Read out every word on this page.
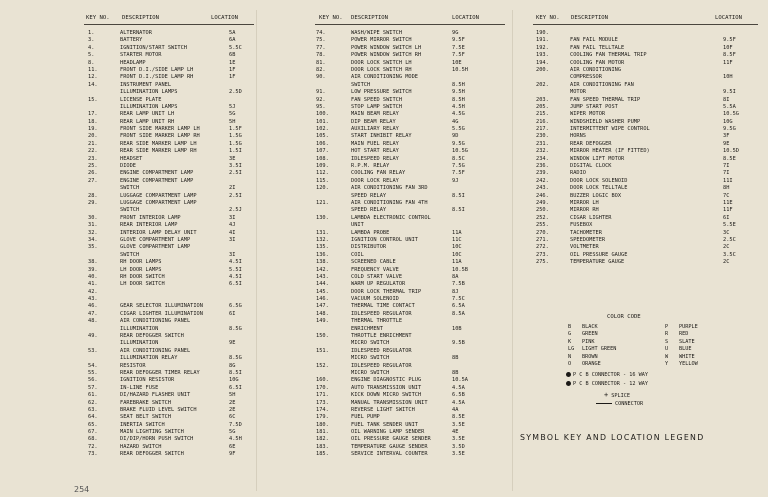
KEY NO. DESCRIPTION	LOCATION	KEY NO. DESCRIPTION	LOCATION	KEY NO. DESCRIPTION	LOCATION
1.	ALTERNATOR	5A
3.	BATTERY	6A
4.	IGNITION/START SWITCH	5.5C
5.	STARTER MOTOR	6B
8.	HEADLAMP	1E
11.	FRONT D.I./SIDE LAMP LH	1F
12.	FRONT D.I./SIDE LAMP RH	1F
14.	INSTRUMENT PANEL
ILLUMINATION LAMPS	2.5D
15.	LICENSE PLATE
ILLUMINATION LAMPS	5J
17.	REAR LAMP UNIT LH	5G
18.	REAR LAMP UNIT RH	5H
19.	FRONT SIDE MARKER LAMP LH	1.5F
20.	FRONT SIDE MARKER LAMP RH	1.5G
21.	REAR SIDE MARKER LAMP LH	1.5G
22.	REAR SIDE MARKER LAMP RH	1.5I
23.	HEADSET	3E
25.	DIODE	3.5I
26.	ENGINE COMPARTMENT LAMP	2.5I
27.	ENGINE COMPARTMENT LAMP
SWITCH	2I
28.	LUGGAGE COMPARTMENT LAMP	2.5I
29.	LUGGAGE COMPARTMENT LAMP
SWITCH	2.5J
30.	FRONT INTERIOR LAMP	3I
31.	REAR INTERIOR LAMP	4J
32.	INTERIOR LAMP DELAY UNIT	4I
34.	GLOVE COMPARTMENT LAMP	3I
35.	GLOVE COMPARTMENT LAMP
SWITCH	3I
38.	RH DOOR LAMPS	4.5I
39.	LH DOOR LAMPS	5.5I
40.	RH DOOR SWITCH	4.5I
41.	LH DOOR SWITCH	6.5I
42.
43.
46.	GEAR SELECTOR ILLUMINATION	6.5G
47.	CIGAR LIGHTER ILLUMINATION	6I
48.	AIR CONDITIONING PANEL
ILLUMINATION	8.5G
49.	REAR DEFOGGER SWITCH
ILLUMINATION	9E
53.	AIR CONDITIONING PANEL
ILLUMINATION RELAY	8.5G
54.	RESISTOR	8G
55.	REAR DEFOGGER TIMER RELAY	8.5I
56.	IGNITION RESISTOR	10G
57.	IN-LINE FUSE	6.5I
61.	DI/HAZARD FLASHER UNIT	5H
62.	FAREBRAKE SWITCH	2E
63.	BRAKE FLUID LEVEL SWITCH	2E
64.	SEAT BELT SWITCH	6C
65.	INERTIA SWITCH	7.5D
67.	MAIN LIGHTING SWITCH	5G
68.	DI/DIP/HORN PUSH SWITCH	4.5H
72.	HAZARD SWITCH	6E
73.	REAR DEFOGGER SWITCH	9F
74.	WASH/WIPE SWITCH	9G
75.	POWER MIRROR SWITCH	9.5F
77.	POWER WINDOW SWITCH LH	7.5E
78.	POWER WINDOW SWITCH RH	7.5F
81.	DOOR LOCK SWITCH LH	10E
82.	DOOR LOCK SWITCH RH	10.5H
90.	AIR CONDITIONING MODE
SWITCH	8.5H
91.	LOW PRESSURE SWITCH	9.5H
92.	FAN SPEED SWITCH	8.5H
95.	STOP LAMP SWITCH	4.5H
100.	MAIN BEAM RELAY	4.5G
101.	DIP BEAM RELAY	4G
102.	AUXILIARY RELAY	5.5G
105.	START INHIBIT RELAY	9D
106.	MAIN FUEL RELAY	9.5G
107.	HOT START RELAY	10.5G
108.	IDLESPEED RELAY	8.5C
109.	R.P.M. RELAY	7.5G
112.	COOLING FAN RELAY	7.5F
115.	DOOR LOCK RELAY	9J
120.	AIR CONDITIONING FAN 3RD
SPEED RELAY	8.5I
121.	AIR CONDITIONING FAN 4TH
SPEED RELAY	8.5I
130.	LAMBDA ELECTRONIC CONTROL
UNIT
131.	LAMBDA PROBE	11A
132.	IGNITION CONTROL UNIT	11C
135.	DISTRIBUTOR	10C
136.	COIL	10C
138.	SCREENED CABLE	11A
142.	FREQUENCY VALVE	10.5B
143.	COLD START VALVE	8A
144.	WARM UP REGULATOR	7.5B
145.	DOOR LOCK THERMAL TRIP	8J
146.	VACUUM SOLENOID	7.5C
147.	THERMAL TIME CONTACT	6.5A
148.	IDLESPEED REGULATOR	8.5A
149.	THERMAL THROTTLE
ENRICHMENT	10B
150.	THROTTLE ENRICHMENT
MICRO SWITCH	9.5B
151.	IDLESPEED REGULATOR
MICRO SWITCH	8B
152.	IDLESPEED REGULATOR
MICRO SWITCH	8B
160.	ENGINE DIAGNOSTIC PLUG	10.5A
170.	AUTO TRANSMISSION UNIT	4.5A
171.	KICK DOWN MICRO SWITCH	6.5B
173.	MANUAL TRANSMISSION UNIT	4.5A
174.	REVERSE LIGHT SWITCH	4A
179.	FUEL PUMP	8.5E
180.	FUEL TANK SENDER UNIT	3.5E
181.	OIL WARNING LAMP SENDER	4E
182.	OIL PRESSURE GAUGE SENDER	3.5E
183.	TEMPERATURE GAUGE SENDER	3.5D
185.	SERVICE INTERVAL COUNTER	3.5E
190.
191.	FAN FAIL MODULE	9.5F
192.	FAN FAIL TELLTALE	10F
193.	COOLING FAN THERMAL TRIP	8.5F
194.	COOLING FAN MOTOR	11F
200.	AIR CONDITIONING
COMPRESSOR	10H
202.	AIR CONDITIONING FAN
MOTOR	9.5I
203.	FAN SPEED THERMAL TRIP	8I
205.	JUMP START POST	5.5A
215.	WIPER MOTOR	10.5G
216.	WINDSHIELD WASHER PUMP	10G
217.	INTERMITTENT WIPE CONTROL	9.5G
230.	HORNS	3F
231.	REAR DEFOGGER	9E
232.	MIRROR HEATER (IF FITTED)	10.5D
234.	WINDOW LIFT MOTOR	8.5E
236.	DIGITAL CLOCK	7I
239.	RADIO	7I
242.	DOOR LOCK SOLENOID	11I
243.	DOOR LOCK TELLTALE	8H
246.	BUZZER LOGIC BOX	7C
249.	MIRROR LH	11E
250.	MIRROR RH	11F
252.	CIGAR LIGHTER	6I
255.	FUSEBOX	5.5E
270.	TACHOMETER	3C
271.	SPEEDOMETER	2.5C
272.	VOLTMETER	2C
273.	OIL PRESSURE GAUGE	3.5C
275.	TEMPERATURE GAUGE	2C
COLOR CODE
B BLACK
G GREEN
K PINK
LG LIGHT GREEN
N BROWN
O ORANGE
P PURPLE
R RED
S SLATE
U BLUE
W WHITE
Y YELLOW
P C B CONNECTOR - 16 WAY
P C B CONNECTOR - 12 WAY
+ SPLICE
CONNECTOR
SYMBOL KEY AND LOCATION LEGEND
254
